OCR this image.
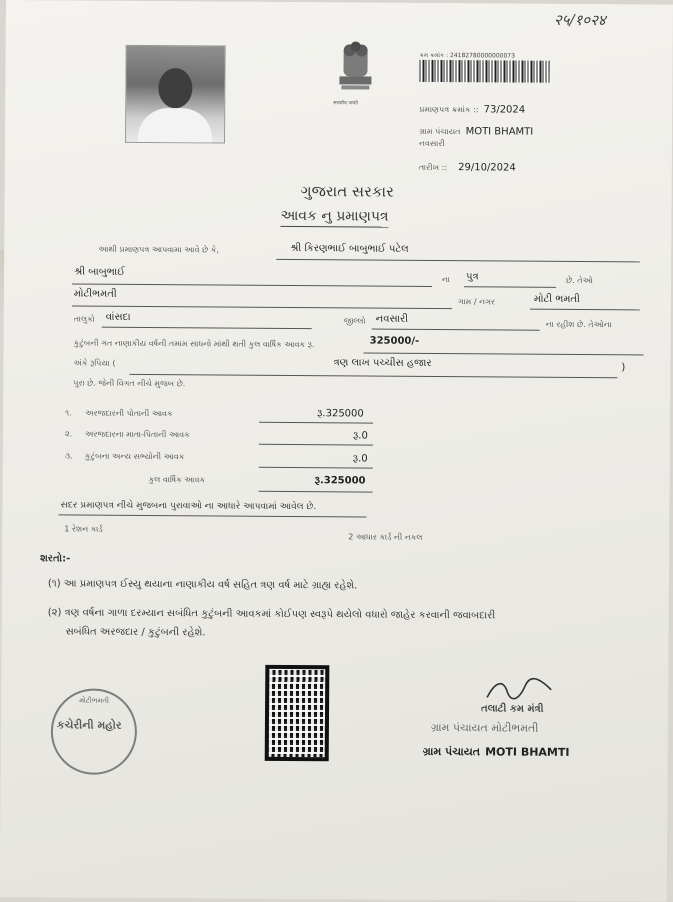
२५/१०२४
सत्यमेव जयते
ક્રમ ક્રમાંક : 24182780000000073
પ્રમાણપત્ર ક્રમાંક :: 73/2024
ગ્રામ પંચાયત MOTI BHAMTI
નવસારી
તારીખ :: 29/10/2024
ગુજરાત સરકાર
આવક નુ પ્રમાણપત્ર
આથી પ્રમાણપત્ર આપવામા આવે છે કે,	શ્રી કિરણભાઈ બાબુભાઈ પટેલ
શ્રી બાબુભાઈ
ના પુત્ર	છે. તેઓ
મોટીભમતી
ગામ / નગર	મોટી ભમતી
તાલુકો વાંસદા	જીલ્લો નવસારી	ના રહીશ છે. તેઓના
કુટુંબની ગત નાણાકીય વર્ષની તમામ સાધનો માંથી થતી કુલ વાર્ષિક આવક રૂ.	325000/-
અંકે રૂપિયા (	ત્રણ લાખ પચ્ચીસ હજાર	)
પુરા છે. જેની વિગત નીચે મુજબ છે.
૧. અરજદારની પોતાની આવક	રૂ.325000
૨. અરજદારના માતા-પિતાની આવક	રૂ.0
૩. કુટુંબના અન્ય સભ્યોની આવક	રૂ.0
કુલ વાર્ષિક આવક	રૂ.325000
સદર પ્રમાણપત્ર નીચે મુજબના પુરાવાઓ ના આધારે આપવામાં આવેલ છે.
1 રેશન કાર્ડ
2 આધાર કાર્ડ ની નકલ
શરતો:-
(૧) આ પ્રમાણપત્ર ઈસ્યુ થયાના નાણાકીય વર્ષ સહિત ત્રણ વર્ષ માટે ગ્રાહ્ય રહેશે.
(૨) ત્રણ વર્ષના ગાળા દરમ્યાન સબંધિત કુટુંબની આવકમાં કોઈપણ સ્વરૂપે થયેલો વધારો જાહેર કરવાની જવાબદારી
સબંધિત અરજદાર / કુટુંબની રહેશે.
મોટીભમતી
કચેરીની મહોર
તલાટી કમ મંત્રી
ગ્રામ પંચાયત મોટીભમતી
ગ્રામ પંચાયત MOTI BHAMTI
